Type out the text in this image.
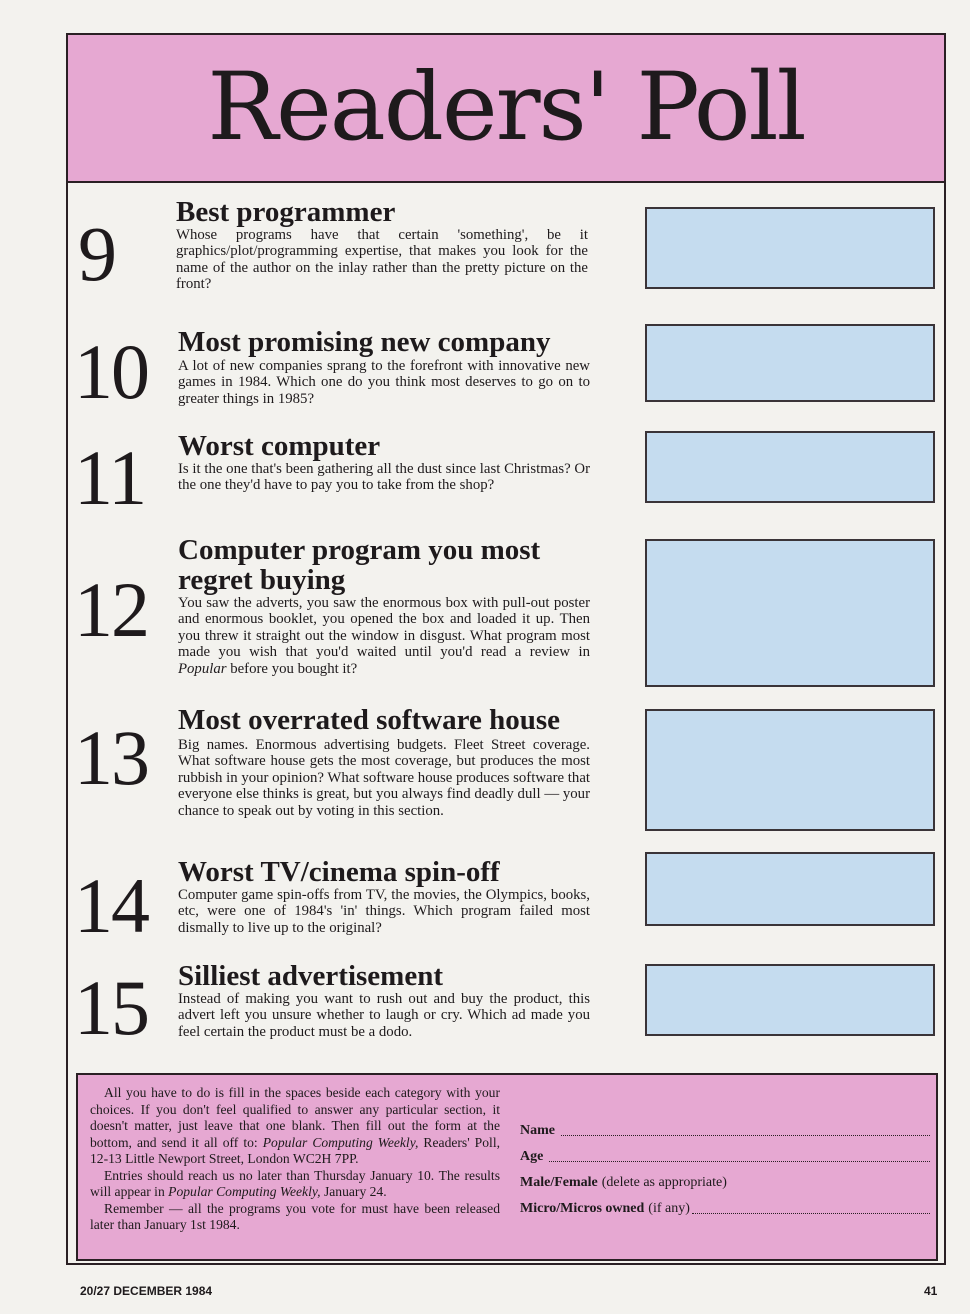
Readers' Poll
9 Best programmer

Whose programs have that certain 'something', be it graphics/plot/programming expertise, that makes you look for the name of the author on the inlay rather than the pretty picture on the front?

10 Most promising new company

A lot of new companies sprang to the forefront with innovative new games in 1984. Which one do you think most deserves to go on to greater things in 1985?

11 Worst computer

Is it the one that's been gathering all the dust since last Christmas? Or the one they'd have to pay you to take from the shop?

12
Computer program you most regret buying

You saw the adverts, you saw the enormous box with pull-out poster and enormous booklet, you opened the box and loaded it up. Then you threw it straight out the window in disgust. What program most made you wish that you'd waited until you'd read a review in Popular before you bought it?

13 Most overrated software house

Big names. Enormous advertising budgets. Fleet Street coverage. What software house gets the most coverage, but produces the most rubbish in your opinion? What software house produces software that everyone else thinks is great, but you always find deadly dull — your chance to speak out by voting in this section.

14 Worst TV/cinema spin-off

Computer game spin-offs from TV, the movies, the Olympics, books, etc, were one of 1984's 'in' things. Which program failed most dismally to live up to the original?

15 Silliest advertisement

Instead of making you want to rush out and buy the product, this advert left you unsure whether to laugh or cry. Which ad made you feel certain the product must be a dodo.

All you have to do is fill in the spaces beside each category with your choices. If you don't feel qualified to answer any particular section, it doesn't matter, just leave that one blank. Then fill out the form at the bottom, and send it all off to: Popular Computing Weekly, Readers' Poll, 12-13 Little Newport Street, London WC2H 7PP.

Entries should reach us no later than Thursday January 10. The results will appear in Popular Computing Weekly, January 24.

Remember — all the programs you vote for must have been released later than January 1st 1984.

Name
Age
Male/Female (delete as appropriate)
Micro/Micros owned (if any)
20/27 DECEMBER 1984	41
